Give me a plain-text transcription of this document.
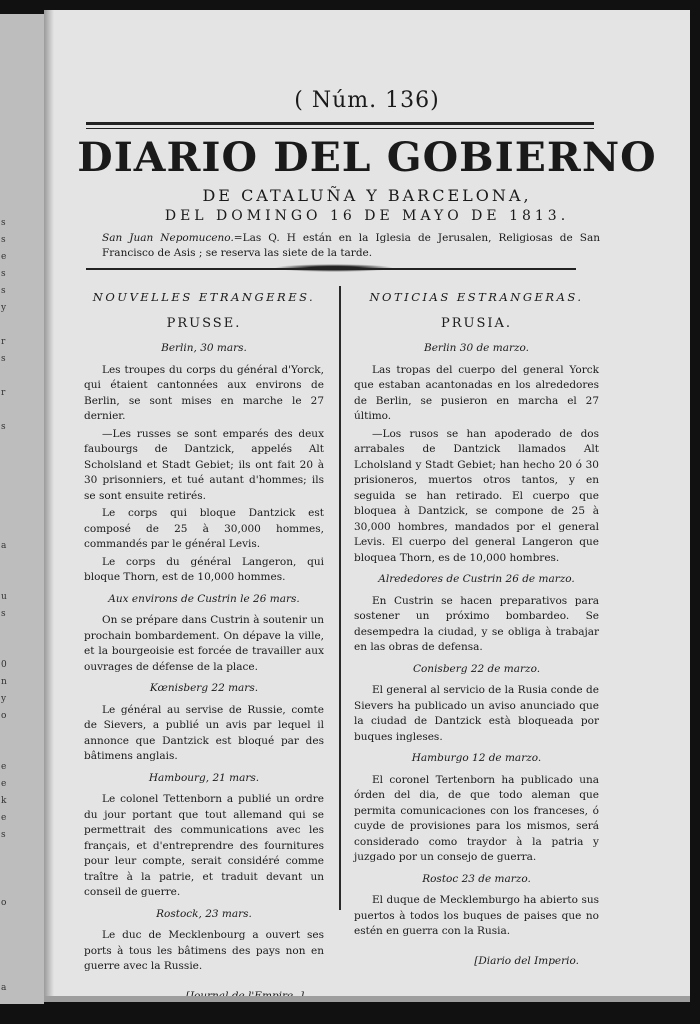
s
s
e
s
s
y

r
s

r

s

a

u
s

0
n
y
o

e
e
k
e
s

o

a
( Núm. 136)
DIARIO DEL GOBIERNO
DE CATALUÑA Y BARCELONA,
DEL DOMINGO 16 DE MAYO DE 1813.
San Juan Nepomuceno.=Las Q. H están en la Iglesia de Jerusalen, Religiosas de San Francisco de Asis ; se reserva las siete de la tarde.
NOUVELLES ETRANGERES.
PRUSSE.
Berlin, 30 mars.

Les troupes du corps du général d'Yorck, qui étaient cantonnées aux environs de Berlin, se sont mises en marche le 27 dernier.

—Les russes se sont emparés des deux faubourgs de Dantzick, appelés Alt Scholsland et Stadt Gebiet; ils ont fait 20 à 30 prisonniers, et tué autant d'hommes; ils se sont ensuite retirés.

Le corps qui bloque Dantzick est composé de 25 à 30,000 hommes, commandés par le général Levis.

Le corps du général Langeron, qui bloque Thorn, est de 10,000 hommes.

Aux environs de Custrin le 26 mars.

On se prépare dans Custrin à soutenir un prochain bombardement. On dépave la ville, et la bourgeoisie est forcée de travailler aux ouvrages de défense de la place.

Kœnisberg 22 mars.

Le général au servise de Russie, comte de Sievers, a publié un avis par lequel il annonce que Dantzick est bloqué par des bâtimens anglais.

Hambourg, 21 mars.

Le colonel Tettenborn a publié un ordre du jour portant que tout allemand qui se permettrait des communications avec les français, et d'entreprendre des fournitures pour leur compte, serait considéré comme traître à la patrie, et traduit devant un conseil de guerre.

Rostock, 23 mars.

Le duc de Mecklenbourg a ouvert ses ports à tous les bâtimens des pays non en guerre avec la Russie.

NOTICIAS ESTRANGERAS.
PRUSIA.
Berlin 30 de marzo.

Las tropas del cuerpo del general Yorck que estaban acantonadas en los alrededores de Berlin, se pusieron en marcha el 27 último.

—Los rusos se han apoderado de dos arrabales de Dantzick llamados Alt Lcholsland y Stadt Gebiet; han hecho 20 ó 30 prisioneros, muertos otros tantos, y en seguida se han retirado. El cuerpo que bloquea à Dantzick, se compone de 25 à 30,000 hombres, mandados por el general Levis. El cuerpo del general Langeron que bloquea Thorn, es de 10,000 hombres.

Alrededores de Custrin 26 de marzo.

En Custrin se hacen preparativos para sostener un próximo bombardeo. Se desempedra la ciudad, y se obliga à trabajar en las obras de defensa.

Conisberg 22 de marzo.

El general al servicio de la Rusia conde de Sievers ha publicado un aviso anunciado que la ciudad de Dantzick està bloqueada por buques ingleses.

Hamburgo 12 de marzo.

El coronel Tertenborn ha publicado una órden del dia, de que todo aleman que permita comunicaciones con los franceses, ó cuyde de provisiones para los mismos, será considerado como traydor à la patria y juzgado por un consejo de guerra.

Rostoc 23 de marzo.

El duque de Mecklemburgo ha abierto sus puertos à todos los buques de paises que no estén en guerra con la Rusia.

[Diario del Imperio.
